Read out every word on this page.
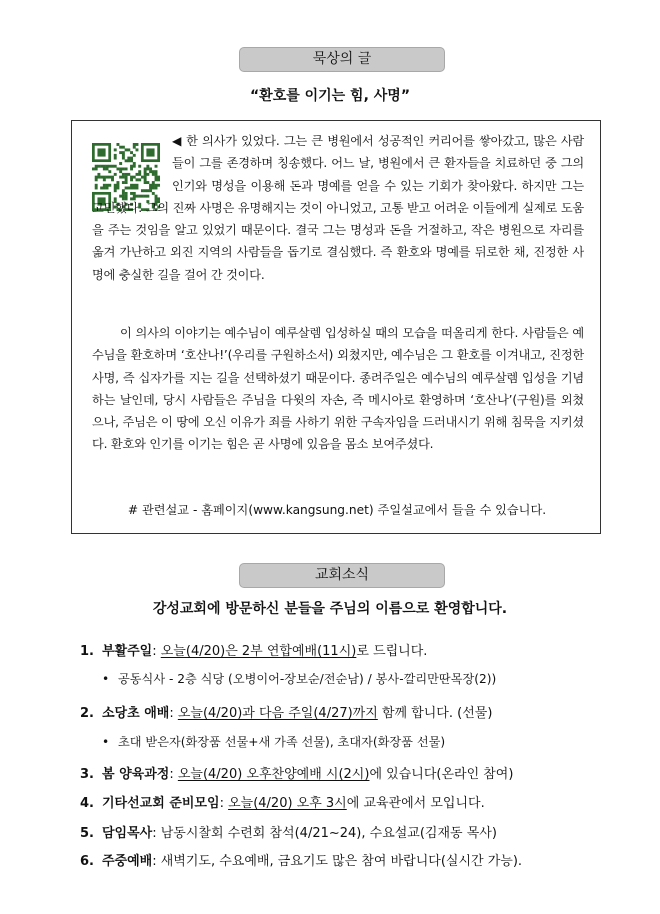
묵상의 글
“환호를 이기는 힘, 사명”
◀ 한 의사가 있었다. 그는 큰 병원에서 성공적인 커리어를 쌓아갔고, 많은 사람들이 그를 존경하며 칭송했다. 어느 날, 병원에서 큰 환자들을 치료하던 중 그의 인기와 명성을 이용해 돈과 명예를 얻을 수 있는 기회가 찾아왔다. 하지만 그는 고민했다. 그의 진짜 사명은 유명해지는 것이 아니었고, 고통 받고 어려운 이들에게 실제로 도움을 주는 것임을 알고 있었기 때문이다. 결국 그는 명성과 돈을 거절하고, 작은 병원으로 자리를 옮겨 가난하고 외진 지역의 사람들을 돕기로 결심했다. 즉 환호와 명예를 뒤로한 채, 진정한 사명에 충실한 길을 걸어 간 것이다.
이 의사의 이야기는 예수님이 예루살렘 입성하실 때의 모습을 떠올리게 한다. 사람들은 예수님을 환호하며 ‘호산나!’(우리를 구원하소서) 외쳤지만, 예수님은 그 환호를 이겨내고, 진정한 사명, 즉 십자가를 지는 길을 선택하셨기 때문이다. 종려주일은 예수님의 예루살렘 입성을 기념하는 날인데, 당시 사람들은 주님을 다윗의 자손, 즉 메시아로 환영하며 ‘호산나’(구원)를 외쳤으나, 주님은 이 땅에 오신 이유가 죄를 사하기 위한 구속자임을 드러내시기 위해 침묵을 지키셨다. 환호와 인기를 이기는 힘은 곧 사명에 있음을 몸소 보여주셨다.
# 관련설교 - 홈페이지(www.kangsung.net) 주일설교에서 들을 수 있습니다.
교회소식
강성교회에 방문하신 분들을 주님의 이름으로 환영합니다.
1. 부활주일: 오늘(4/20)은 2부 연합예배(11시)로 드립니다.
• 공동식사 - 2층 식당 (오병이어-장보순/전순남) / 봉사-깔리만딴목장(2))
2. 소당초 애배: 오늘(4/20)과 다음 주일(4/27)까지 함께 합니다. (선물)
• 초대 받은자(화장품 선물+새 가족 선물), 초대자(화장품 선물)
3. 봄 양육과정: 오늘(4/20) 오후찬양예배 시(2시)에 있습니다(온라인 참여)
4. 기타선교회 준비모임: 오늘(4/20) 오후 3시에 교육관에서 모입니다.
5. 담임목사: 남동시찰회 수련회 참석(4/21~24), 수요설교(김재동 목사)
6. 주중예배: 새벽기도, 수요예배, 금요기도 많은 참여 바랍니다(실시간 가능).
